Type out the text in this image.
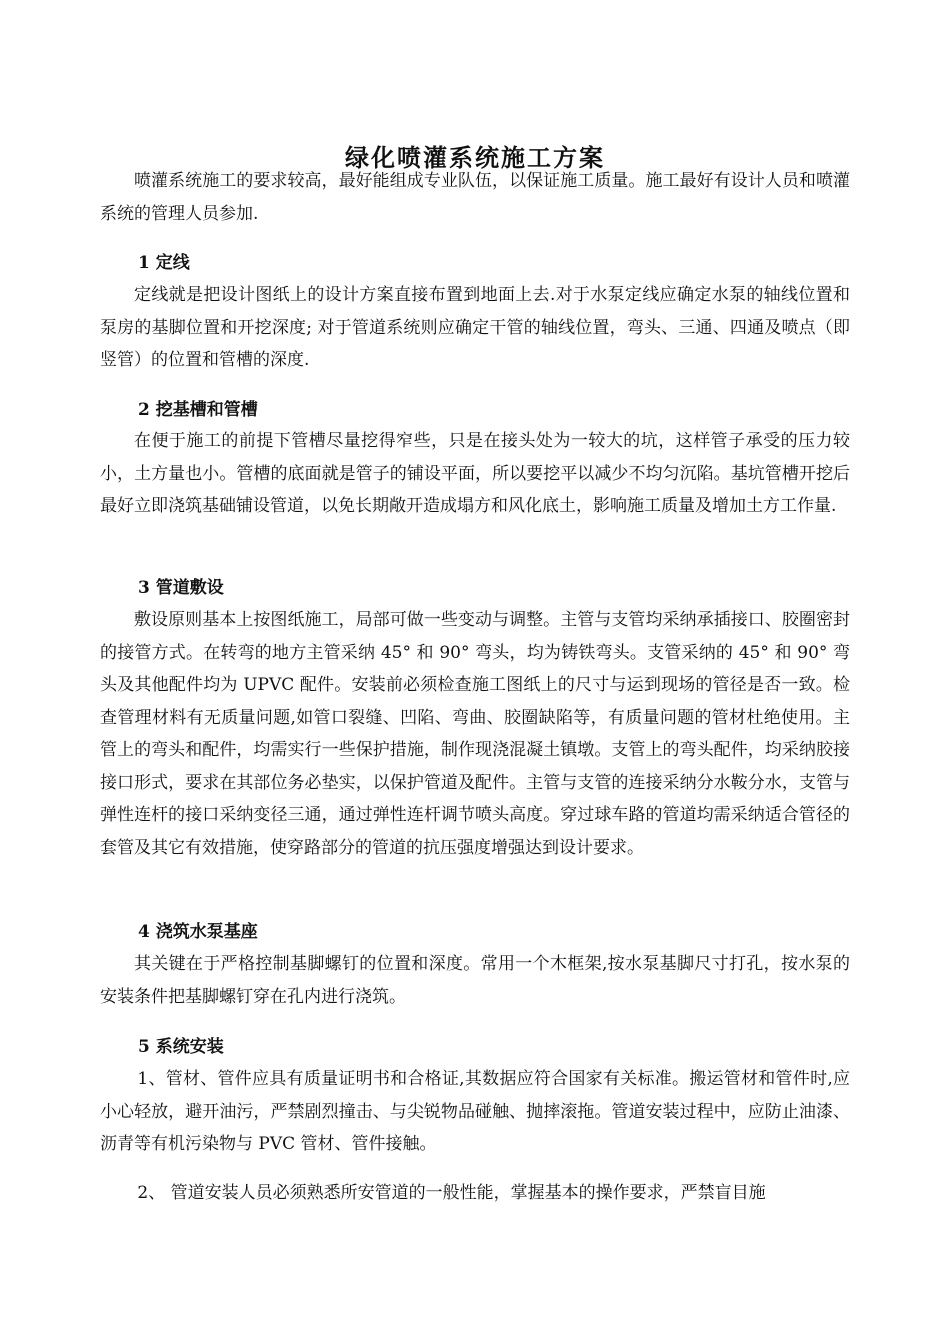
绿化喷灌系统施工方案

喷灌系统施工的要求较高，最好能组成专业队伍，以保证施工质量。施工最好有设计人员和喷灌系统的管理人员参加.

1 定线

定线就是把设计图纸上的设计方案直接布置到地面上去.对于水泵定线应确定水泵的轴线位置和泵房的基脚位置和开挖深度; 对于管道系统则应确定干管的轴线位置，弯头、三通、四通及喷点（即竖管）的位置和管槽的深度.

2 挖基槽和管槽

在便于施工的前提下管槽尽量挖得窄些，只是在接头处为一较大的坑，这样管子承受的压力较小，土方量也小。管槽的底面就是管子的铺设平面，所以要挖平以减少不均匀沉陷。基坑管槽开挖后最好立即浇筑基础铺设管道，以免长期敞开造成塌方和风化底土，影响施工质量及增加土方工作量.

3 管道敷设

敷设原则基本上按图纸施工，局部可做一些变动与调整。主管与支管均采纳承插接口、胶圈密封的接管方式。在转弯的地方主管采纳 45° 和 90° 弯头，均为铸铁弯头。支管采纳的 45° 和 90° 弯头及其他配件均为 UPVC 配件。安装前必须检查施工图纸上的尺寸与运到现场的管径是否一致。检查管理材料有无质量问题,如管口裂缝、凹陷、弯曲、胶圈缺陷等，有质量问题的管材杜绝使用。主管上的弯头和配件，均需实行一些保护措施，制作现浇混凝土镇墩。支管上的弯头配件，均采纳胶接接口形式，要求在其部位务必垫实，以保护管道及配件。主管与支管的连接采纳分水鞍分水，支管与弹性连杆的接口采纳变径三通，通过弹性连杆调节喷头高度。穿过球车路的管道均需采纳适合管径的套管及其它有效措施，使穿路部分的管道的抗压强度增强达到设计要求。

4 浇筑水泵基座

其关键在于严格控制基脚螺钉的位置和深度。常用一个木框架,按水泵基脚尺寸打孔，按水泵的安装条件把基脚螺钉穿在孔内进行浇筑。

5 系统安装

1、管材、管件应具有质量证明书和合格证,其数据应符合国家有关标准。搬运管材和管件时,应小心轻放，避开油污，严禁剧烈撞击、与尖锐物品碰触、抛摔滚拖。管道安装过程中，应防止油漆、沥青等有机污染物与 PVC 管材、管件接触。

2、 管道安装人员必须熟悉所安管道的一般性能，掌握基本的操作要求，严禁盲目施
